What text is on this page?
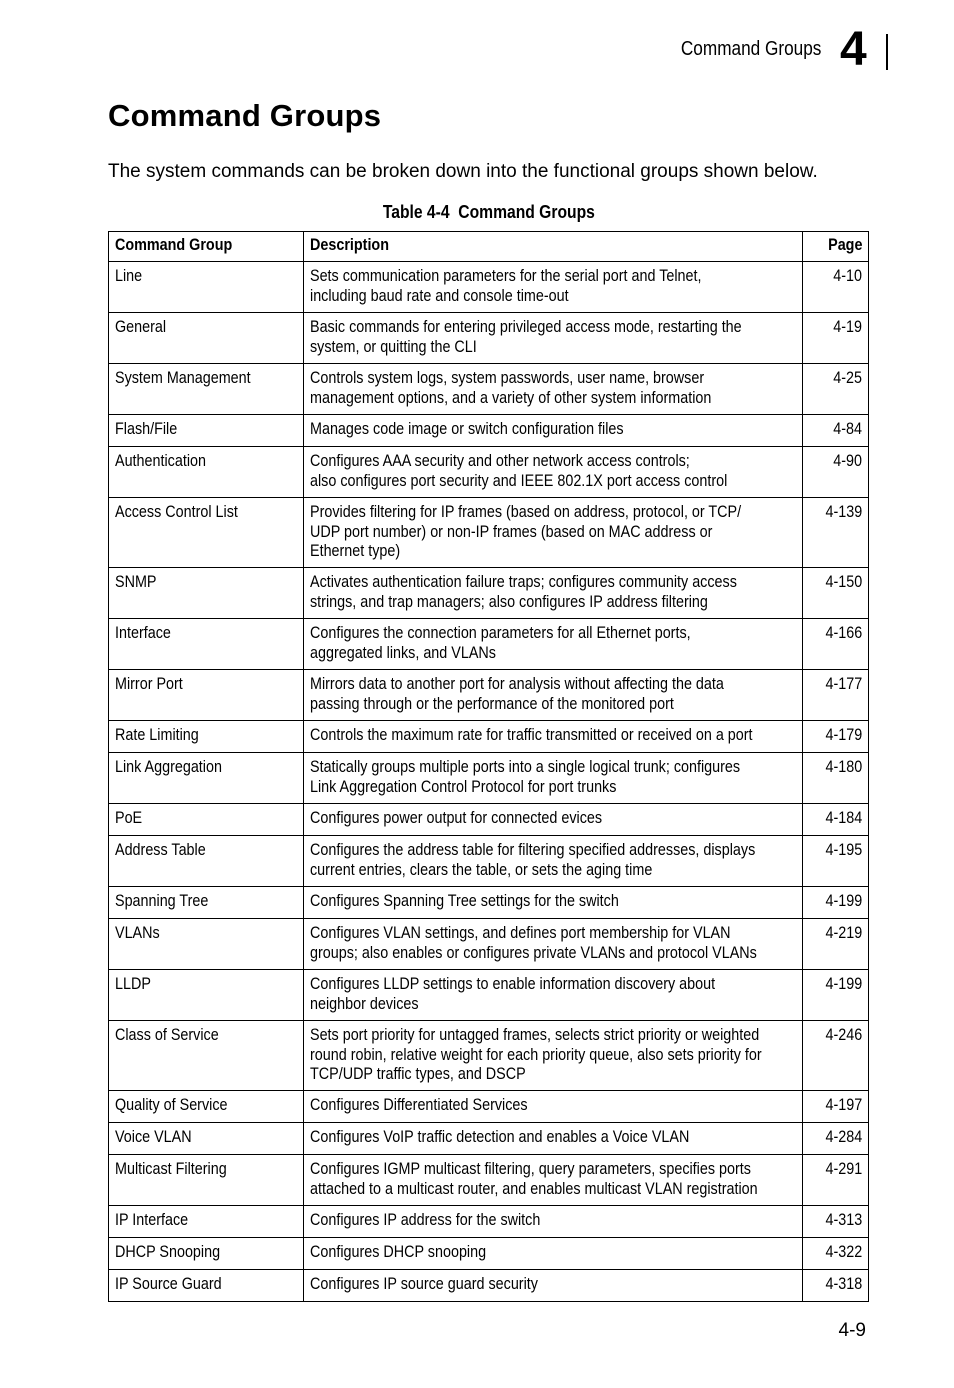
Command Groups 4
Command Groups

The system commands can be broken down into the functional groups shown below.

Table 4-4  Command Groups
Command Group	Description	Page
Line	Sets communication parameters for the serial port and Telnet,
including baud rate and console time-out	4-10
General	Basic commands for entering privileged access mode, restarting the
system, or quitting the CLI	4-19
System Management	Controls system logs, system passwords, user name, browser
management options, and a variety of other system information	4-25
Flash/File	Manages code image or switch configuration files	4-84
Authentication	Configures AAA security and other network access controls;
also configures port security and IEEE 802.1X port access control	4-90
Access Control List	Provides filtering for IP frames (based on address, protocol, or TCP/
UDP port number) or non-IP frames (based on MAC address or
Ethernet type)	4-139
SNMP	Activates authentication failure traps; configures community access
strings, and trap managers; also configures IP address filtering	4-150
Interface	Configures the connection parameters for all Ethernet ports,
aggregated links, and VLANs	4-166
Mirror Port	Mirrors data to another port for analysis without affecting the data
passing through or the performance of the monitored port	4-177
Rate Limiting	Controls the maximum rate for traffic transmitted or received on a port	4-179
Link Aggregation	Statically groups multiple ports into a single logical trunk; configures
Link Aggregation Control Protocol for port trunks	4-180
PoE	Configures power output for connected evices	4-184
Address Table	Configures the address table for filtering specified addresses, displays
current entries, clears the table, or sets the aging time	4-195
Spanning Tree	Configures Spanning Tree settings for the switch	4-199
VLANs	Configures VLAN settings, and defines port membership for VLAN
groups; also enables or configures private VLANs and protocol VLANs	4-219
LLDP	Configures LLDP settings to enable information discovery about
neighbor devices	4-199
Class of Service	Sets port priority for untagged frames, selects strict priority or weighted
round robin, relative weight for each priority queue, also sets priority for
TCP/UDP traffic types, and DSCP	4-246
Quality of Service	Configures Differentiated Services	4-197
Voice VLAN	Configures VoIP traffic detection and enables a Voice VLAN	4-284
Multicast Filtering	Configures IGMP multicast filtering, query parameters, specifies ports
attached to a multicast router, and enables multicast VLAN registration	4-291
IP Interface	Configures IP address for the switch	4-313
DHCP Snooping	Configures DHCP snooping	4-322
IP Source Guard	Configures IP source guard security	4-318
4-9
